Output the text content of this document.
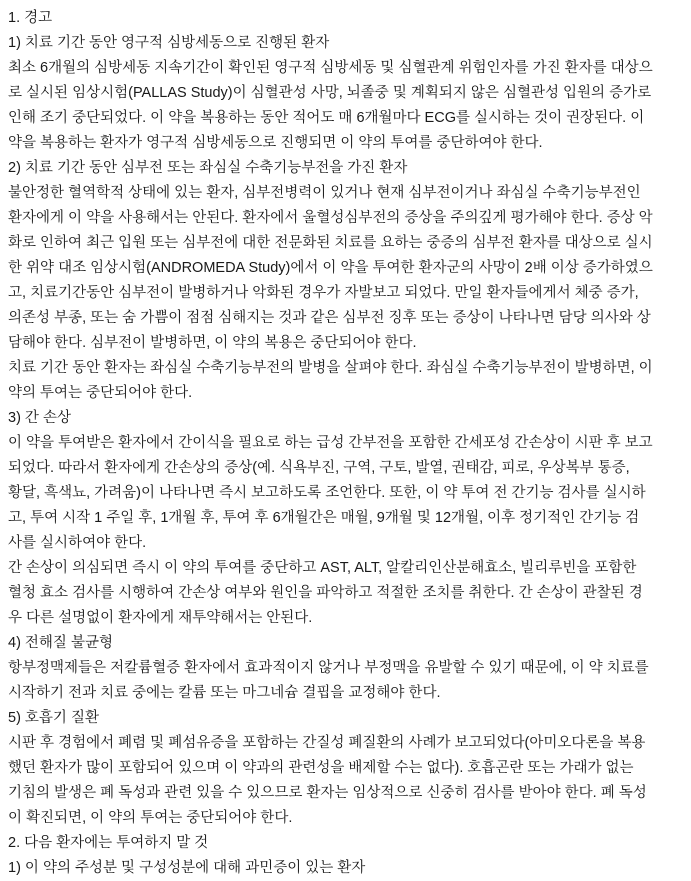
1. 경고
1) 치료 기간 동안 영구적 심방세동으로 진행된 환자
최소 6개월의 심방세동 지속기간이 확인된 영구적 심방세동 및 심혈관계 위험인자를 가진 환자를 대상으
로 실시된 임상시험(PALLAS Study)이 심혈관성 사망, 뇌졸중 및 계획되지 않은 심혈관성 입원의 증가로
인해 조기 중단되었다. 이 약을 복용하는 동안 적어도 매 6개월마다 ECG를 실시하는 것이 권장된다. 이
약을 복용하는 환자가 영구적 심방세동으로 진행되면 이 약의 투여를 중단하여야 한다.
2) 치료 기간 동안 심부전 또는 좌심실 수축기능부전을 가진 환자
불안정한 혈역학적 상태에 있는 환자, 심부전병력이 있거나 현재 심부전이거나 좌심실 수축기능부전인
환자에게 이 약을 사용해서는 안된다. 환자에서 울혈성심부전의 증상을 주의깊게 평가해야 한다. 증상 악
화로 인하여 최근 입원 또는 심부전에 대한 전문화된 치료를 요하는 중증의 심부전 환자를 대상으로 실시
한 위약 대조 임상시험(ANDROMEDA Study)에서 이 약을 투여한 환자군의 사망이 2배 이상 증가하였으
고, 치료기간동안 심부전이 발병하거나 악화된 경우가 자발보고 되었다. 만일 환자들에게서 체중 증가,
의존성 부종, 또는 숨 가쁨이 점점 심해지는 것과 같은 심부전 징후 또는 증상이 나타나면 담당 의사와 상
담해야 한다. 심부전이 발병하면, 이 약의 복용은 중단되어야 한다.
치료 기간 동안 환자는 좌심실 수축기능부전의 발병을 살펴야 한다. 좌심실 수축기능부전이 발병하면, 이
약의 투여는 중단되어야 한다.
3) 간 손상
이 약을 투여받은 환자에서 간이식을 필요로 하는 급성 간부전을 포함한 간세포성 간손상이 시판 후 보고
되었다. 따라서 환자에게 간손상의 증상(예. 식욕부진, 구역, 구토, 발열, 권태감, 피로, 우상복부 통증,
황달, 흑색뇨, 가려움)이 나타나면 즉시 보고하도록 조언한다. 또한, 이 약 투여 전 간기능 검사를 실시하
고, 투여 시작 1 주일 후, 1개월 후, 투여 후 6개월간은 매월, 9개월 및 12개월, 이후 정기적인 간기능 검
사를 실시하여야 한다.
간 손상이 의심되면 즉시 이 약의 투여를 중단하고 AST, ALT, 알칼리인산분해효소, 빌리루빈을 포함한
혈청 효소 검사를 시행하여 간손상 여부와 원인을 파악하고 적절한 조치를 취한다. 간 손상이 관찰된 경
우 다른 설명없이 환자에게 재투약해서는 안된다.
4) 전해질 불균형
항부정맥제들은 저칼륨혈증 환자에서 효과적이지 않거나 부정맥을 유발할 수 있기 때문에, 이 약 치료를
시작하기 전과 치료 중에는 칼륨 또는 마그네슘 결핍을 교정해야 한다.
5) 호흡기 질환
시판 후 경험에서 폐렴 및 폐섬유증을 포함하는 간질성 폐질환의 사례가 보고되었다(아미오다론을 복용
했던 환자가 많이 포함되어 있으며 이 약과의 관련성을 배제할 수는 없다). 호흡곤란 또는 가래가 없는
기침의 발생은 폐 독성과 관련 있을 수 있으므로 환자는 임상적으로 신중히 검사를 받아야 한다. 폐 독성
이 확진되면, 이 약의 투여는 중단되어야 한다.
2. 다음 환자에는 투여하지 말 것
1) 이 약의 주성분 및 구성성분에 대해 과민증이 있는 환자
